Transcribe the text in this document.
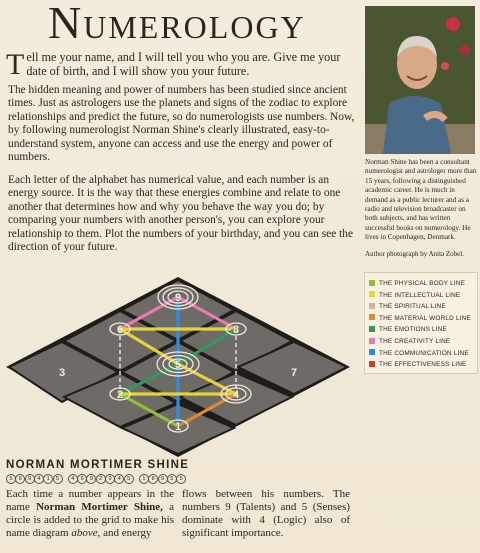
Numerology
Tell me your name, and I will tell you who you are. Give me your date of birth, and I will show you your future.
The hidden meaning and power of numbers has been studied since ancient times. Just as astrologers use the planets and signs of the zodiac to explore relationships and predict the future, so do numerologists use numbers. Now, by following numerologist Norman Shine's clearly illustrated, easy-to-understand system, anyone can access and use the energy and power of numbers.
Each letter of the alphabet has numerical value, and each number is an energy source. It is the way that these energies combine and relate to one another that determines how and why you behave the way you do; by comparing your numbers with another person's, you can explore your relationship to them. Plot the numbers of your birthday, and you can see the direction of your future.
Norman Shine has been a consultant numerologist and astrologer more than 15 years, following a distinguished academic career. He is much in demand as a public lecturer and as a radio and television broadcaster on both subjects, and has written successful books on numerology. He lives in Copenhagen, Denmark.
Author photograph by Anita Zobel.
THE PHYSICAL BODY LINE
THE INTELLECTUAL LINE
THE SPIRITUAL LINE
THE MATERIAL WORLD LINE
THE EMOTIONS LINE
THE CREATIVITY LINE
THE COMMUNICATION LINE
THE EFFECTIVENESS LINE
9
6	8
3
5
7
2	4
1
NORMAN MORTIMER SHINE
5	6	9	4	1	5	4	6	9	2	9	4	5	1	8	9	5	5
Each time a number appears in the name Norman Mortimer Shine, a circle is added to the grid to make his name diagram above, and energy
flows between his numbers. The numbers 9 (Talents) and 5 (Senses) dominate with 4 (Logic) also of significant importance.
